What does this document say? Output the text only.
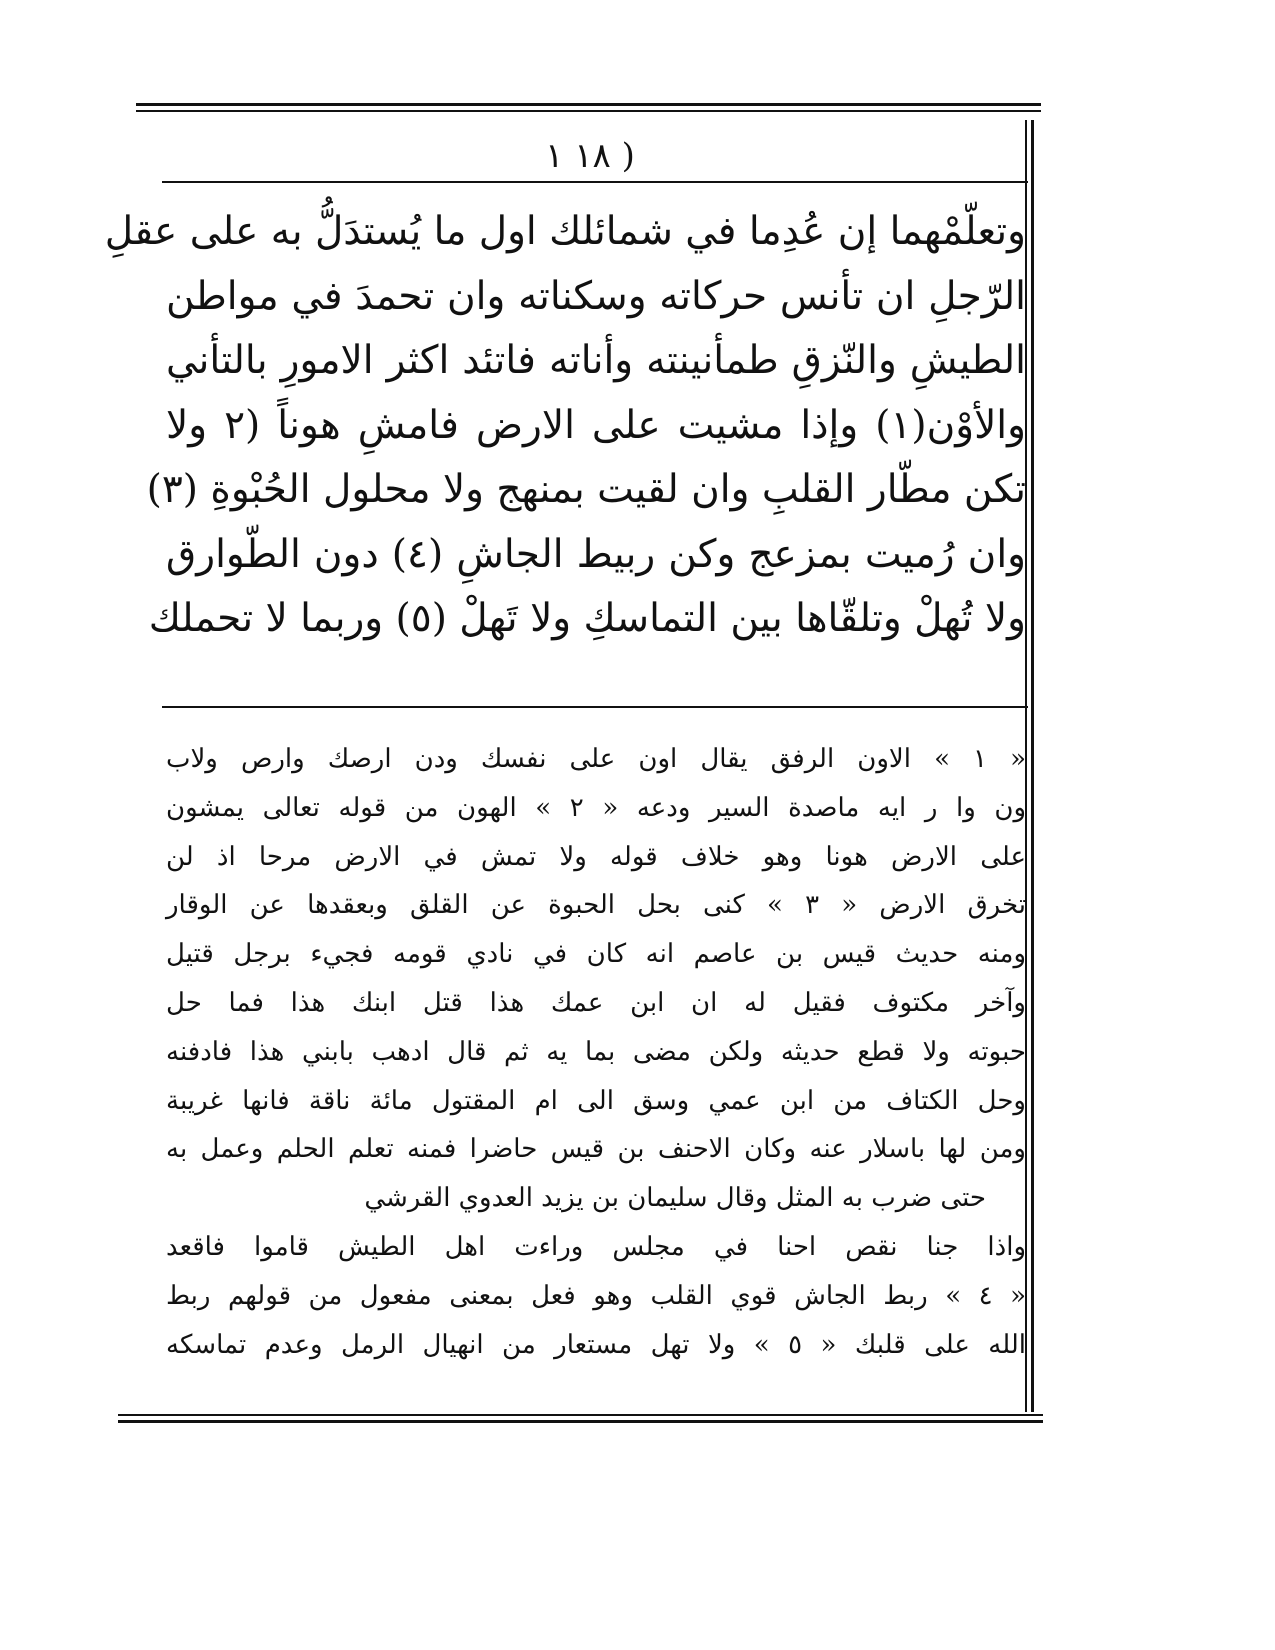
( ١٨ ١
وتعلّمْهما إن عُدِما في شمائلك اول ما يُستدَلُّ به على عقلِ
الرّجلِ ان تأنس حركاته وسكناته وان تحمدَ في مواطن
الطيشِ والنّزقِ طمأنينته وأناته فاتئد اكثر الامورِ بالتأني
والأوْن(١) وإذا مشيت على الارض فامشِ هوناً (٢ ولا
تكن مطّار القلبِ وان لقيت بمنهج ولا محلول الحُبْوةِ (٣)
وان رُميت بمزعج وكن ربيط الجاشِ (٤) دون الطّوارق
ولا تُهلْ وتلقّاها بين التماسكِ ولا تَهلْ (٥) وربما لا تحملك
« ١ » الاون الرفق يقال اون على نفسك ودن ارصك وارص ولاب
ون وا ر ايه ماصدة السير ودعه « ٢ » الهون من قوله تعالى يمشون
على الارض هونا وهو خلاف قوله ولا تمش في الارض مرحا اذ لن
تخرق الارض « ٣ » كنى بحل الحبوة عن القلق وبعقدها عن الوقار
ومنه حديث قيس بن عاصم انه كان في نادي قومه فجيء برجل قتيل
وآخر مكتوف فقيل له ان ابن عمك هذا قتل ابنك هذا فما حل
حبوته ولا قطع حديثه ولكن مضى بما يه ثم قال ادهب بابني هذا فادفنه
وحل الكتاف من ابن عمي وسق الى ام المقتول مائة ناقة فانها غريبة
ومن لها باسلار عنه وكان الاحنف بن قيس حاضرا فمنه تعلم الحلم وعمل به
حتى ضرب به المثل وقال سليمان بن يزيد العدوي القرشي
واذا جنا نقص احنا في مجلس وراءت اهل الطيش قاموا فاقعد
« ٤ » ربط الجاش قوي القلب وهو فعل بمعنى مفعول من قولهم ربط
الله على قلبك « ٥ » ولا تهل مستعار من انهيال الرمل وعدم تماسكه
